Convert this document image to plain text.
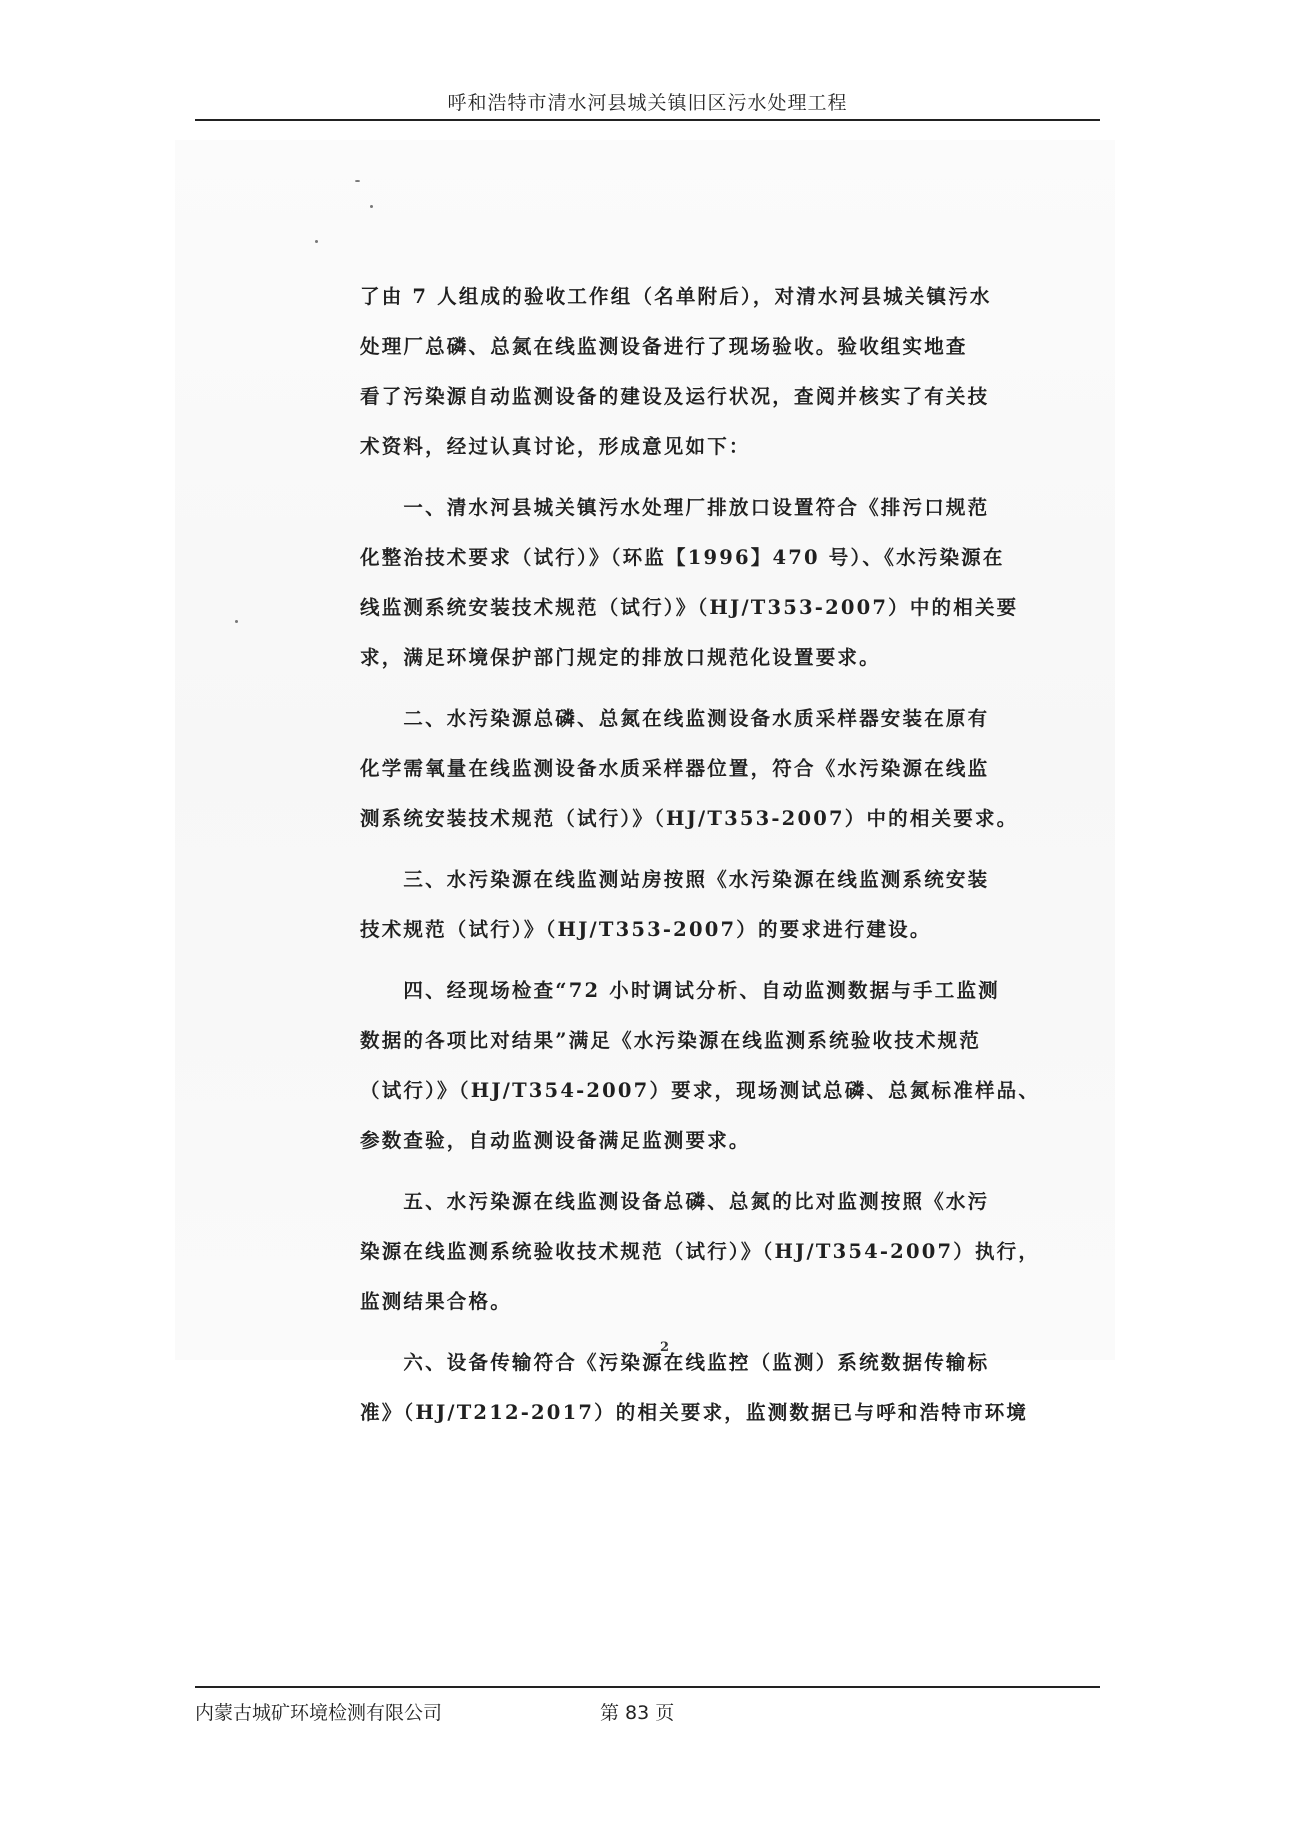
呼和浩特市清水河县城关镇旧区污水处理工程
了由 7 人组成的验收工作组（名单附后），对清水河县城关镇污水
处理厂总磷、总氮在线监测设备进行了现场验收。验收组实地查
看了污染源自动监测设备的建设及运行状况，查阅并核实了有关技
术资料，经过认真讨论，形成意见如下：
　　一、清水河县城关镇污水处理厂排放口设置符合《排污口规范
化整治技术要求（试行）》（环监【1996】470 号）、《水污染源在
线监测系统安装技术规范（试行）》（HJ/T353-2007）中的相关要
求，满足环境保护部门规定的排放口规范化设置要求。
　　二、水污染源总磷、总氮在线监测设备水质采样器安装在原有
化学需氧量在线监测设备水质采样器位置，符合《水污染源在线监
测系统安装技术规范（试行）》（HJ/T353-2007）中的相关要求。
　　三、水污染源在线监测站房按照《水污染源在线监测系统安装
技术规范（试行）》（HJ/T353-2007）的要求进行建设。
　　四、经现场检查“72 小时调试分析、自动监测数据与手工监测
数据的各项比对结果”满足《水污染源在线监测系统验收技术规范
（试行）》（HJ/T354-2007）要求，现场测试总磷、总氮标准样品、
参数查验，自动监测设备满足监测要求。
　　五、水污染源在线监测设备总磷、总氮的比对监测按照《水污
染源在线监测系统验收技术规范（试行）》（HJ/T354-2007）执行，
监测结果合格。
　　六、设备传输符合《污染源在线监控（监测）系统数据传输标
准》（HJ/T212-2017）的相关要求，监测数据已与呼和浩特市环境
2
内蒙古城矿环境检测有限公司	第 83 页
